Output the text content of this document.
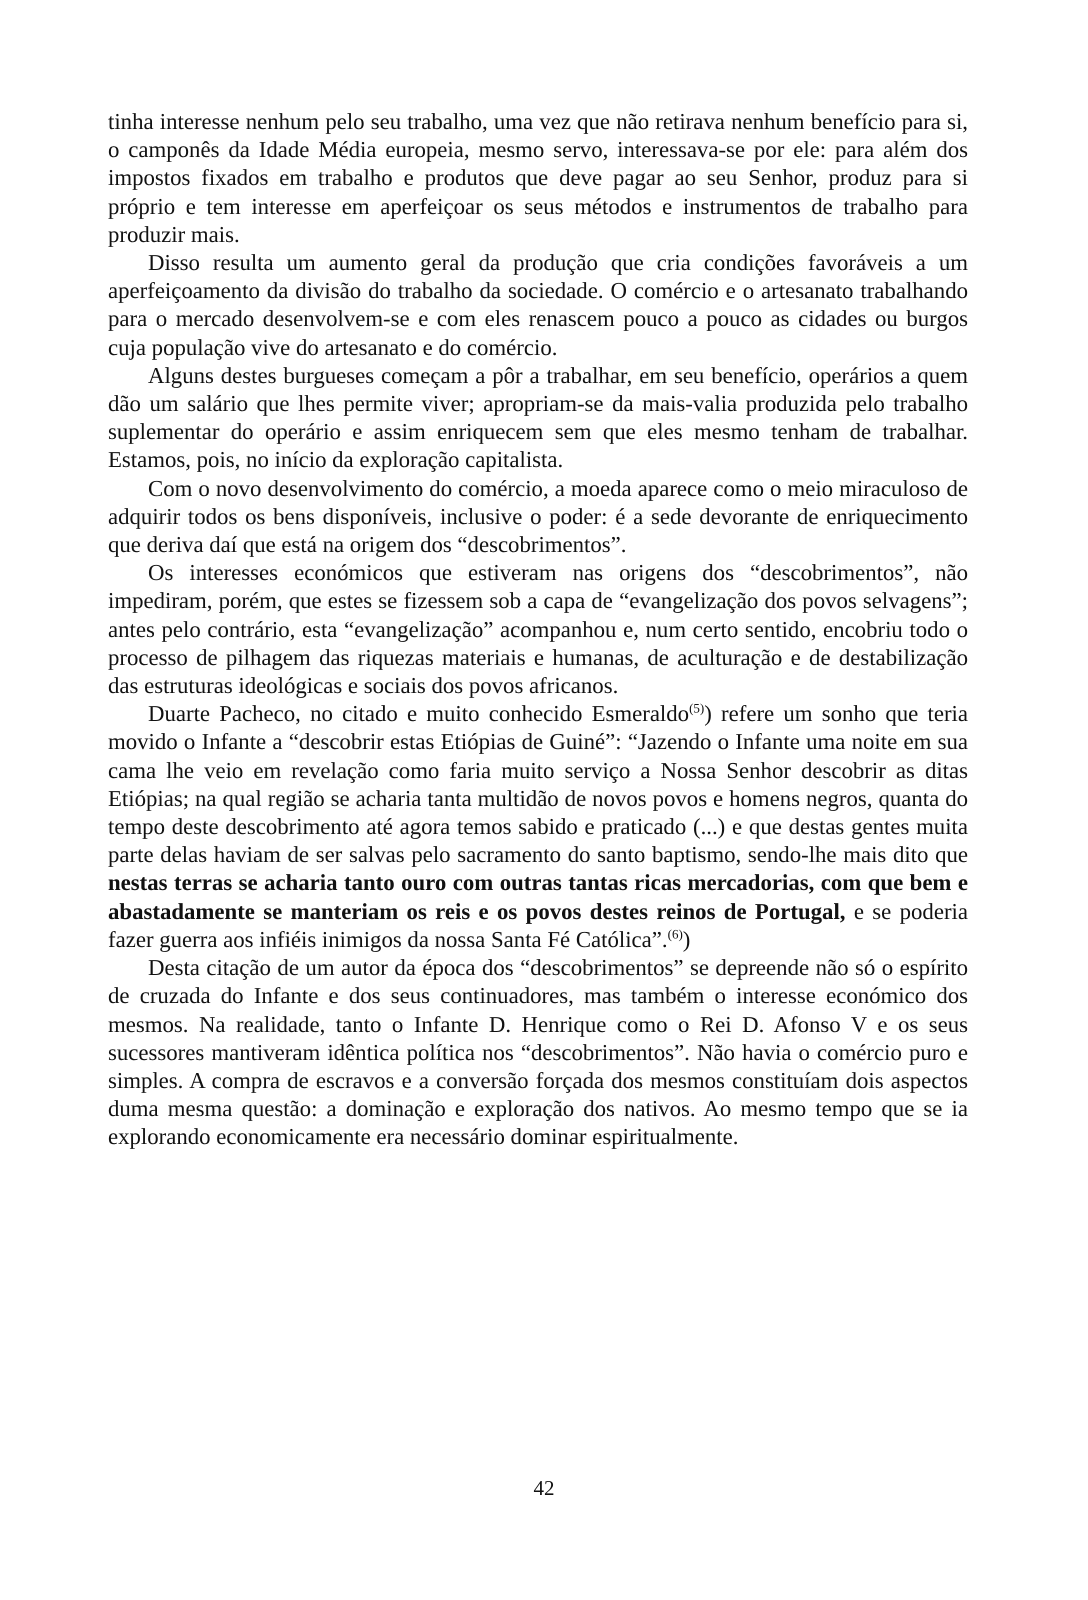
tinha interesse nenhum pelo seu trabalho, uma vez que não retirava nenhum benefício para si, o camponês da Idade Média europeia, mesmo servo, interessava-se por ele: para além dos impostos fixados em trabalho e produtos que deve pagar ao seu Senhor, produz para si próprio e tem interesse em aperfeiçoar os seus métodos e instrumentos de trabalho para produzir mais.

Disso resulta um aumento geral da produção que cria condições favoráveis a um aperfeiçoamento da divisão do trabalho da sociedade. O comércio e o artesanato trabalhando para o mercado desenvolvem-se e com eles renascem pouco a pouco as cidades ou burgos cuja população vive do artesanato e do comércio.

Alguns destes burgueses começam a pôr a trabalhar, em seu benefício, operários a quem dão um salário que lhes permite viver; apropriam-se da mais-valia produzida pelo trabalho suplementar do operário e assim enriquecem sem que eles mesmo tenham de trabalhar. Estamos, pois, no início da exploração capitalista.

Com o novo desenvolvimento do comércio, a moeda aparece como o meio miraculoso de adquirir todos os bens disponíveis, inclusive o poder: é a sede devorante de enriquecimento que deriva daí que está na origem dos “descobrimentos”.

Os interesses económicos que estiveram nas origens dos “descobrimentos”, não impediram, porém, que estes se fizessem sob a capa de “evangelização dos povos selvagens”; antes pelo contrário, esta “evangelização” acompanhou e, num certo sentido, encobriu todo o processo de pilhagem das riquezas materiais e humanas, de aculturação e de destabilização das estruturas ideológicas e sociais dos povos africanos.

Duarte Pacheco, no citado e muito conhecido Esmeraldo$^{(5)}$) refere um sonho que teria movido o Infante a “descobrir estas Etiópias de Guiné”: “Jazendo o Infante uma noite em sua cama lhe veio em revelação como faria muito serviço a Nossa Senhor descobrir as ditas Etiópias; na qual região se acharia tanta multidão de novos povos e homens negros, quanta do tempo deste descobrimento até agora temos sabido e praticado (...) e que destas gentes muita parte delas haviam de ser salvas pelo sacramento do santo baptismo, sendo-lhe mais dito que nestas terras se acharia tanto ouro com outras tantas ricas mercadorias, com que bem e abastadamente se manteriam os reis e os povos destes reinos de Portugal, e se poderia fazer guerra aos infiéis inimigos da nossa Santa Fé Católica”.$^{(6)}$)

Desta citação de um autor da época dos “descobrimentos” se depreende não só o espírito de cruzada do Infante e dos seus continuadores, mas também o interesse económico dos mesmos. Na realidade, tanto o Infante D. Henrique como o Rei D. Afonso V e os seus sucessores mantiveram idêntica política nos “descobrimentos”. Não havia o comércio puro e simples. A compra de escravos e a conversão forçada dos mesmos constituíam dois aspectos duma mesma questão: a dominação e exploração dos nativos. Ao mesmo tempo que se ia explorando economicamente era necessário dominar espiritualmente.

42
